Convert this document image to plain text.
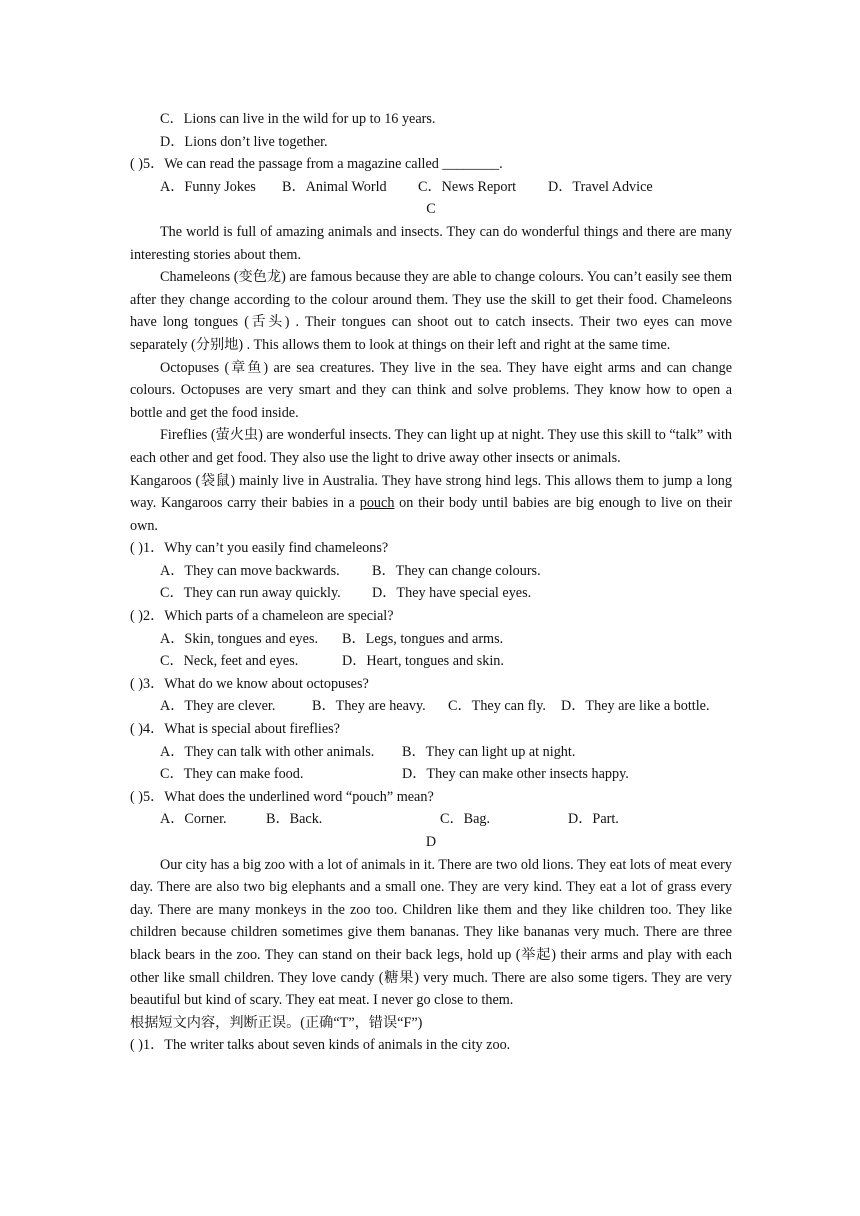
C．Lions can live in the wild for up to 16 years.
D．Lions don’t live together.
( )5．We can read the passage from a magazine called ________.
A．Funny Jokes B．Animal World C．News Report D．Travel Advice
C

The world is full of amazing animals and insects. They can do wonderful things and there are many interesting stories about them.

Chameleons (变色龙) are famous because they are able to change colours. You can’t easily see them after they change according to the colour around them. They use the skill to get their food. Chameleons have long tongues (舌头) . Their tongues can shoot out to catch insects. Their two eyes can move separately (分别地) . This allows them to look at things on their left and right at the same time.

Octopuses (章鱼) are sea creatures. They live in the sea. They have eight arms and can change colours. Octopuses are very smart and they can think and solve problems. They know how to open a bottle and get the food inside.

Fireflies (萤火虫) are wonderful insects. They can light up at night. They use this skill to “talk” with each other and get food. They also use the light to drive away other insects or animals.

Kangaroos (袋鼠) mainly live in Australia. They have strong hind legs. This allows them to jump a long way. Kangaroos carry their babies in a pouch on their body until babies are big enough to live on their own.

( )1．Why can’t you easily find chameleons?
A．They can move backwards. B．They can change colours.
C．They can run away quickly. D．They have special eyes.
( )2．Which parts of a chameleon are special?
A．Skin, tongues and eyes. B．Legs, tongues and arms.
C．Neck, feet and eyes.	D．Heart, tongues and skin.
( )3．What do we know about octopuses?
A．They are clever.	B．They are heavy. C．They can fly. D．They are like a bottle.
( )4．What is special about fireflies?
A．They can talk with other animals. B．They can light up at night.
C．They can make food.	D．They can make other insects happy.
( )5．What does the underlined word “pouch” mean?
A．Corner.	B．Back.	C．Bag.	D．Part.
D

Our city has a big zoo with a lot of animals in it. There are two old lions. They eat lots of meat every day. There are also two big elephants and a small one. They are very kind. They eat a lot of grass every day. There are many monkeys in the zoo too. Children like them and they like children too. They like children because children sometimes give them bananas. They like bananas very much. There are three black bears in the zoo. They can stand on their back legs, hold up (举起) their arms and play with each other like small children. They love candy (糖果) very much. There are also some tigers. They are very beautiful but kind of scary. They eat meat. I never go close to them.

根据短文内容，判断正误。(正确“T”，错误“F”)
( )1．The writer talks about seven kinds of animals in the city zoo.
